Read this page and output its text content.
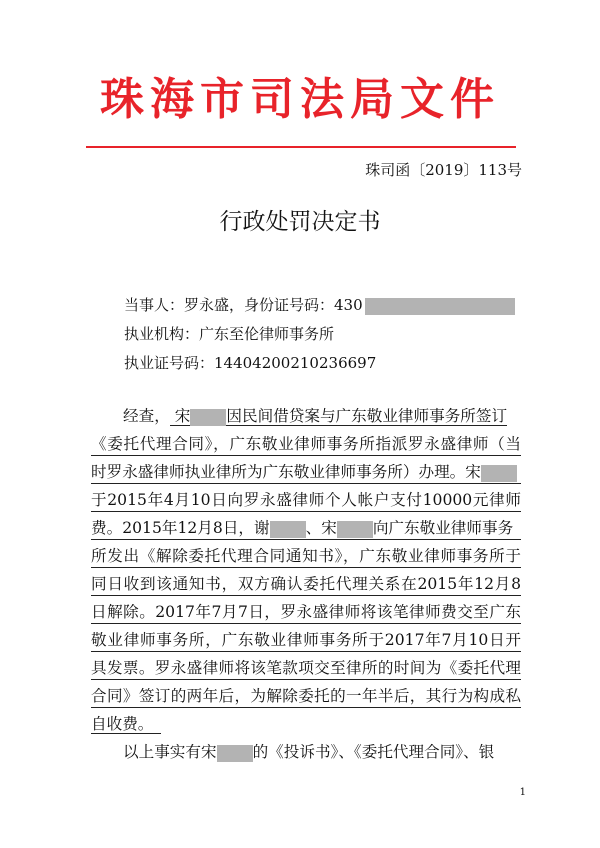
珠海市司法局文件
珠司函〔2019〕113号
行政处罚决定书
当事人：罗永盛，身份证号码：430
执业机构：广东至伦律师事务所
执业证号码：14404200210236697
经查， 宋 因民间借贷案与广东敬业律师事务所签订
《委托代理合同》，广东敬业律师事务所指派罗永盛律师（当
时罗永盛律师执业律所为广东敬业律师事务所）办理。宋
于2015年4月10日向罗永盛律师个人帐户支付10000元律师
费。2015年12月8日，谢 、宋 向广东敬业律师事务
所发出《解除委托代理合同通知书》，广东敬业律师事务所于
同日收到该通知书，双方确认委托代理关系在2015年12月8
日解除。2017年7月7日，罗永盛律师将该笔律师费交至广东
敬业律师事务所，广东敬业律师事务所于2017年7月10日开
具发票。罗永盛律师将该笔款项交至律所的时间为《委托代理
合同》签订的两年后，为解除委托的一年半后，其行为构成私
自收费。　
以上事实有宋 的《投诉书》、《委托代理合同》、银
1
